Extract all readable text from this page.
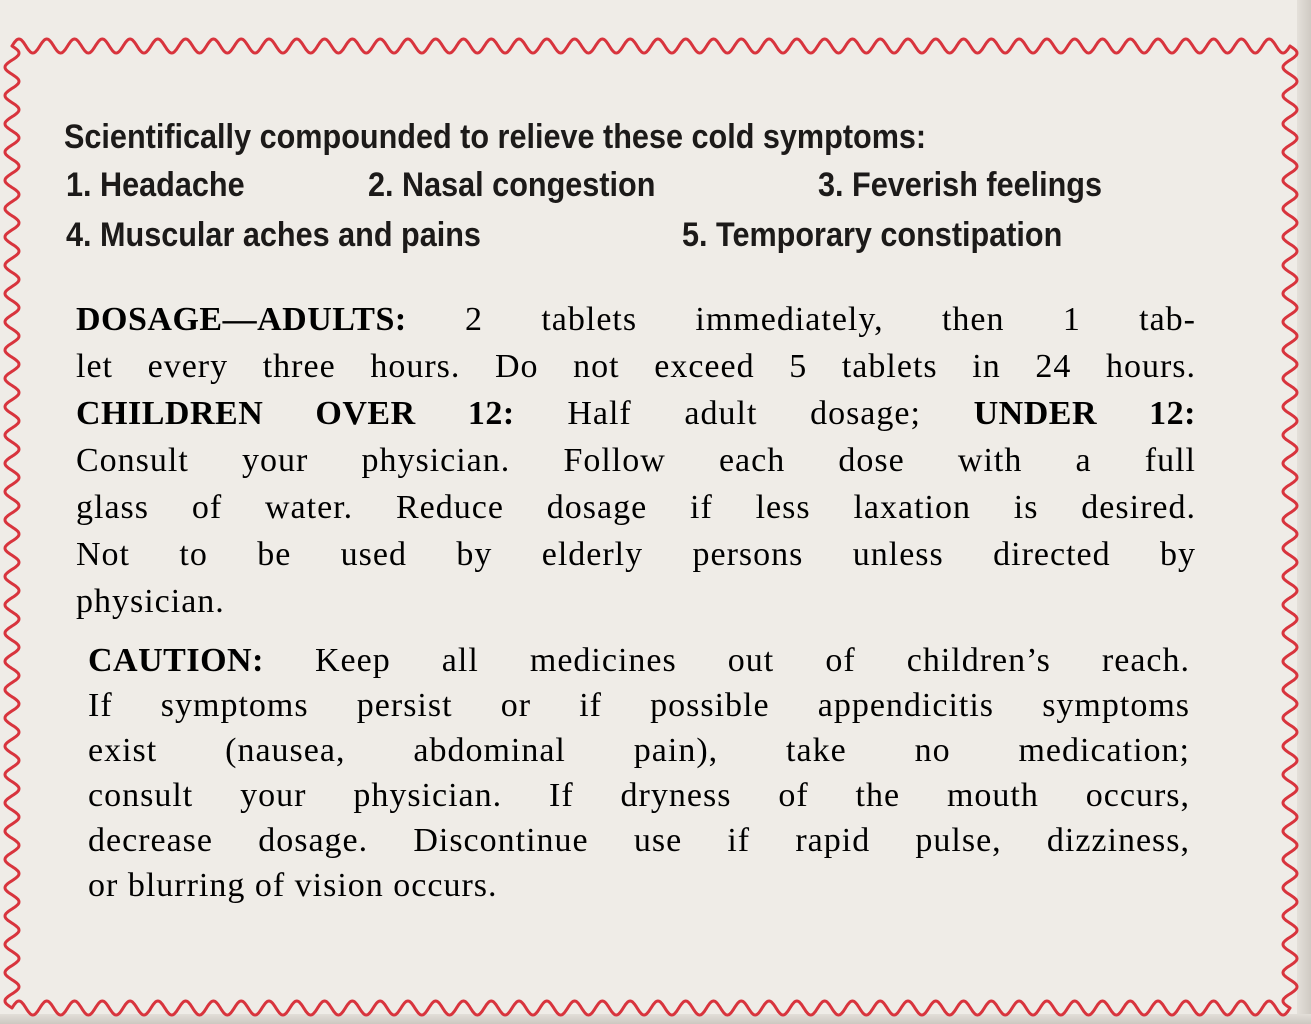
Scientifically compounded to relieve these cold symptoms:

1. Headache	2. Nasal congestion	3. Feverish feelings

4. Muscular aches and pains	5. Temporary constipation

DOSAGE—ADULTS: 2 tablets immediately, then 1 tab-
let every three hours. Do not exceed 5 tablets in 24 hours.
CHILDREN OVER 12: Half adult dosage; UNDER 12:
Consult your physician. Follow each dose with a full
glass of water. Reduce dosage if less laxation is desired.
Not to be used by elderly persons unless directed by
physician.
CAUTION: Keep all medicines out of children’s reach.
If symptoms persist or if possible appendicitis symptoms
exist (nausea, abdominal pain), take no medication;
consult your physician. If dryness of the mouth occurs,
decrease dosage. Discontinue use if rapid pulse, dizziness,
or blurring of vision occurs.
